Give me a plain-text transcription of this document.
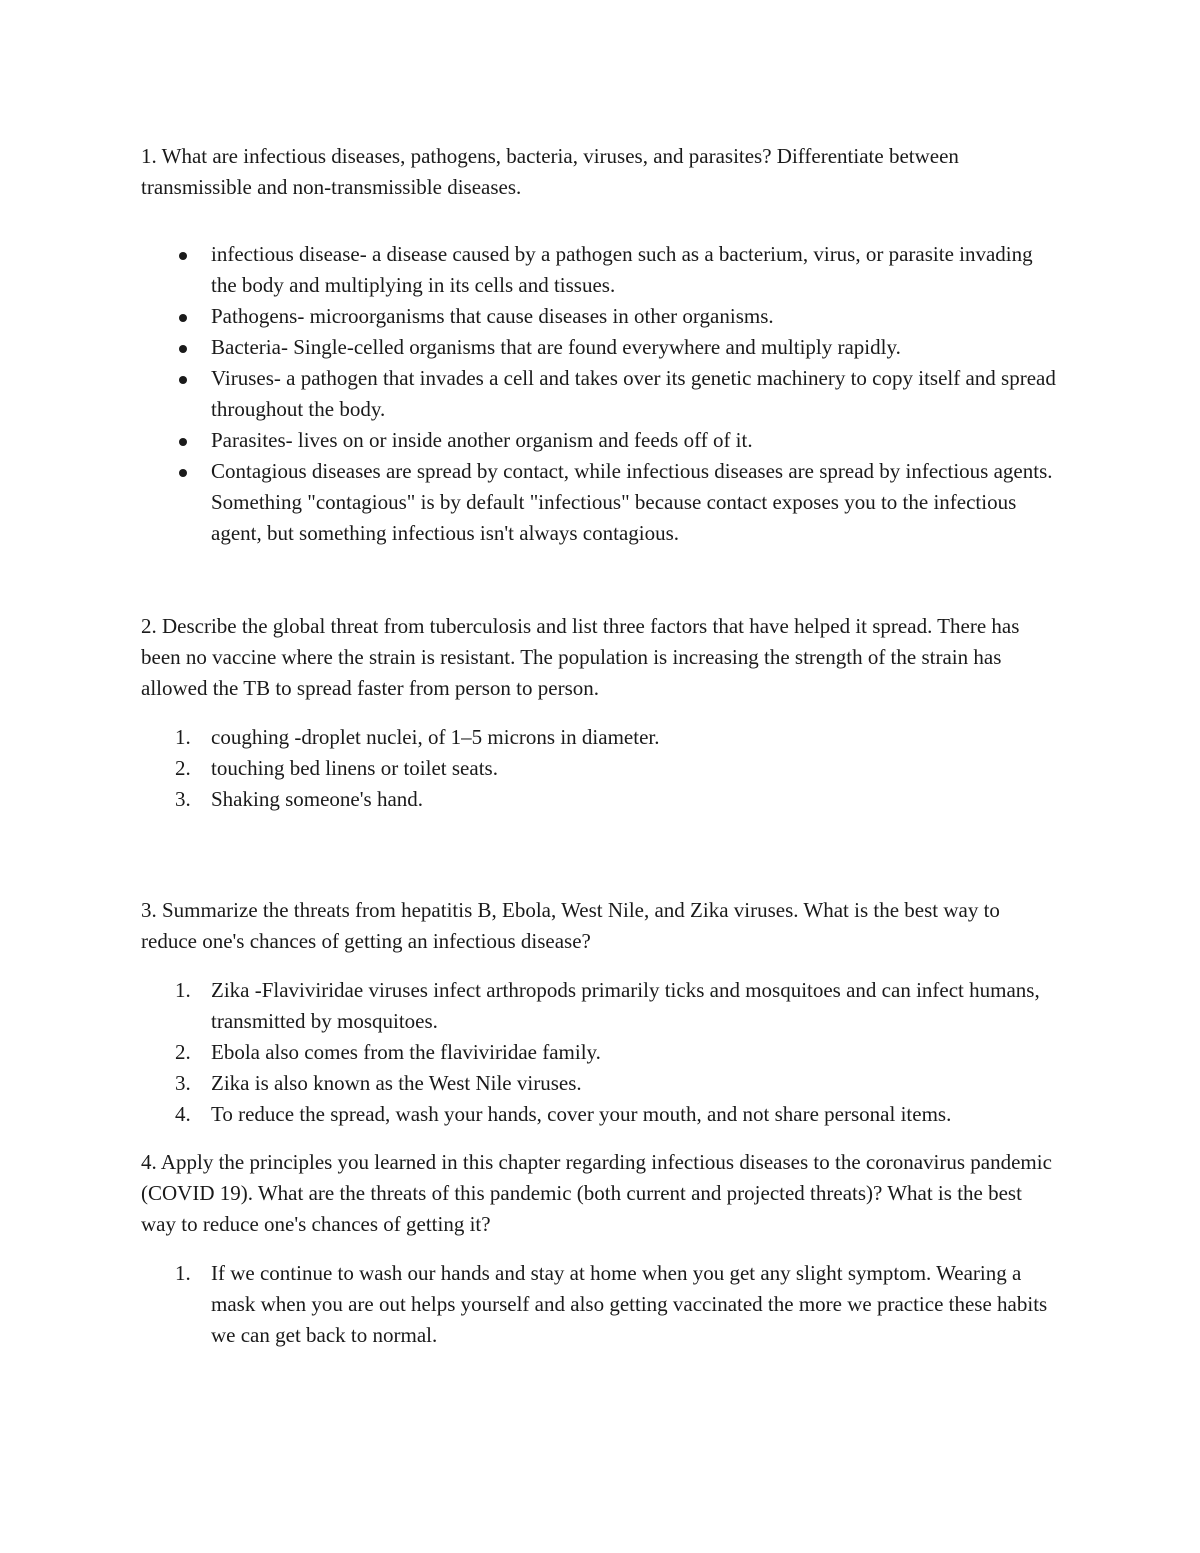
1. What are infectious diseases, pathogens, bacteria, viruses, and parasites? Differentiate between transmissible and non-transmissible diseases.

infectious disease- a disease caused by a pathogen such as a bacterium, virus, or parasite invading the body and multiplying in its cells and tissues.
Pathogens- microorganisms that cause diseases in other organisms.
Bacteria- Single-celled organisms that are found everywhere and multiply rapidly.
Viruses- a pathogen that invades a cell and takes over its genetic machinery to copy itself and spread throughout the body.
Parasites- lives on or inside another organism and feeds off of it.
Contagious diseases are spread by contact, while infectious diseases are spread by infectious agents. Something "contagious" is by default "infectious" because contact exposes you to the infectious agent, but something infectious isn't always contagious.

2. Describe the global threat from tuberculosis and list three factors that have helped it spread. There has been no vaccine where the strain is resistant. The population is increasing the strength of the strain has allowed the TB to spread faster from person to person.

1. coughing -droplet nuclei, of 1–5 microns in diameter.
2. touching bed linens or toilet seats.
3. Shaking someone's hand.

3. Summarize the threats from hepatitis B, Ebola, West Nile, and Zika viruses. What is the best way to reduce one's chances of getting an infectious disease?

1. Zika -Flaviviridae viruses infect arthropods primarily ticks and mosquitoes and can infect humans, transmitted by mosquitoes.
2. Ebola also comes from the flaviviridae family.
3. Zika is also known as the West Nile viruses.
4. To reduce the spread, wash your hands, cover your mouth, and not share personal items.

4. Apply the principles you learned in this chapter regarding infectious diseases to the coronavirus pandemic (COVID 19). What are the threats of this pandemic (both current and projected threats)? What is the best way to reduce one's chances of getting it?

1. If we continue to wash our hands and stay at home when you get any slight symptom. Wearing a mask when you are out helps yourself and also getting vaccinated the more we practice these habits we can get back to normal.
